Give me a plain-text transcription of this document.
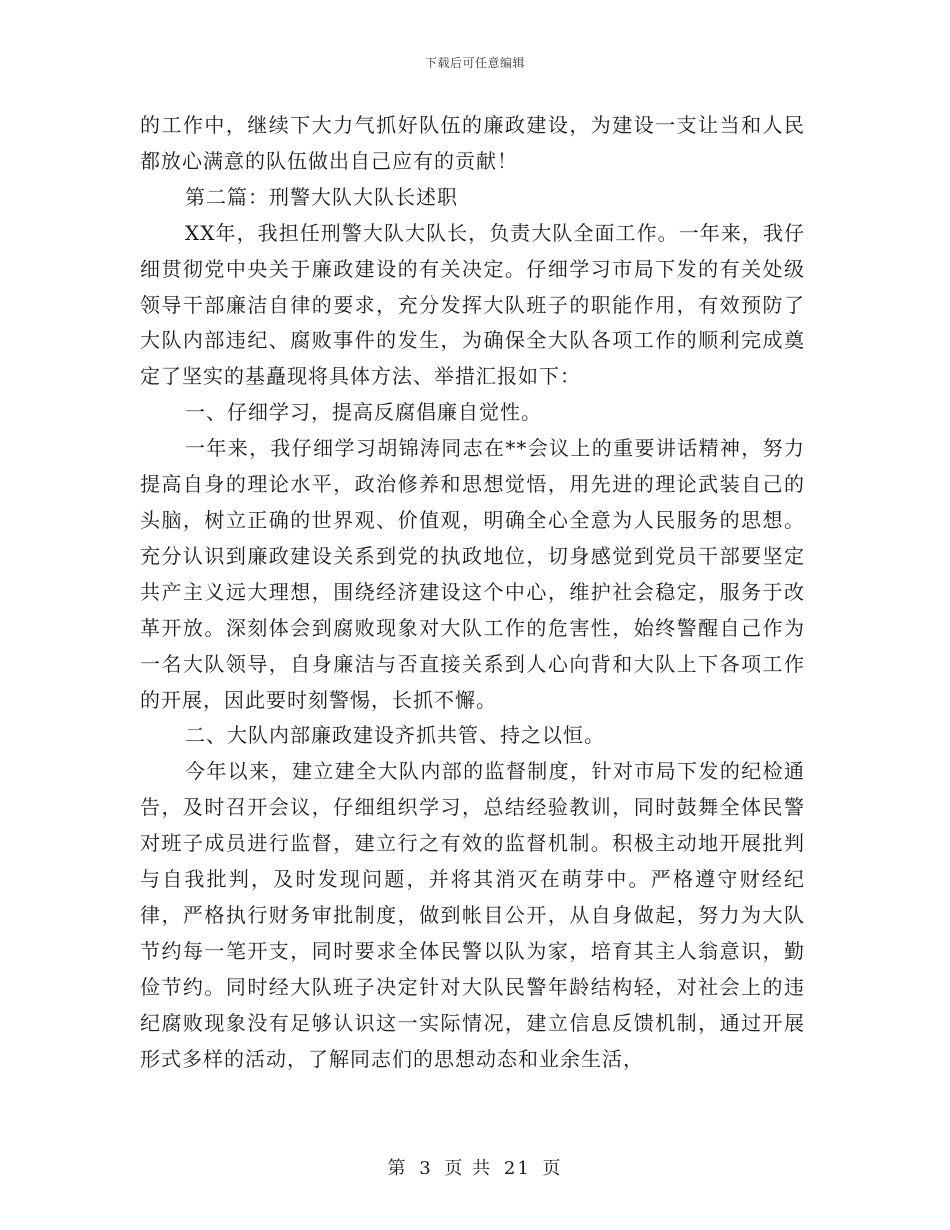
下载后可任意编辑

的工作中，继续下大力气抓好队伍的廉政建设，为建设一支让当和人民都放心满意的队伍做出自己应有的贡献！

第二篇：刑警大队大队长述职

XX年，我担任刑警大队大队长，负责大队全面工作。一年来，我仔细贯彻党中央关于廉政建设的有关决定。仔细学习市局下发的有关处级领导干部廉洁自律的要求，充分发挥大队班子的职能作用，有效预防了大队内部违纪、腐败事件的发生，为确保全大队各项工作的顺利完成奠定了坚实的基矗现将具体方法、举措汇报如下：

一、仔细学习，提高反腐倡廉自觉性。

一年来，我仔细学习胡锦涛同志在**会议上的重要讲话精神，努力提高自身的理论水平，政治修养和思想觉悟，用先进的理论武装自己的头脑，树立正确的世界观、价值观，明确全心全意为人民服务的思想。充分认识到廉政建设关系到党的执政地位，切身感觉到党员干部要坚定共产主义远大理想，围绕经济建设这个中心，维护社会稳定，服务于改革开放。深刻体会到腐败现象对大队工作的危害性，始终警醒自己作为一名大队领导，自身廉洁与否直接关系到人心向背和大队上下各项工作的开展，因此要时刻警惕，长抓不懈。

二、大队内部廉政建设齐抓共管、持之以恒。

今年以来，建立建全大队内部的监督制度，针对市局下发的纪检通告，及时召开会议，仔细组织学习，总结经验教训，同时鼓舞全体民警对班子成员进行监督，建立行之有效的监督机制。积极主动地开展批判与自我批判，及时发现问题，并将其消灭在萌芽中。严格遵守财经纪律，严格执行财务审批制度，做到帐目公开，从自身做起，努力为大队节约每一笔开支，同时要求全体民警以队为家，培育其主人翁意识，勤俭节约。同时经大队班子决定针对大队民警年龄结构轻，对社会上的违纪腐败现象没有足够认识这一实际情况，建立信息反馈机制，通过开展形式多样的活动，了解同志们的思想动态和业余生活，

第 3 页 共 21 页
